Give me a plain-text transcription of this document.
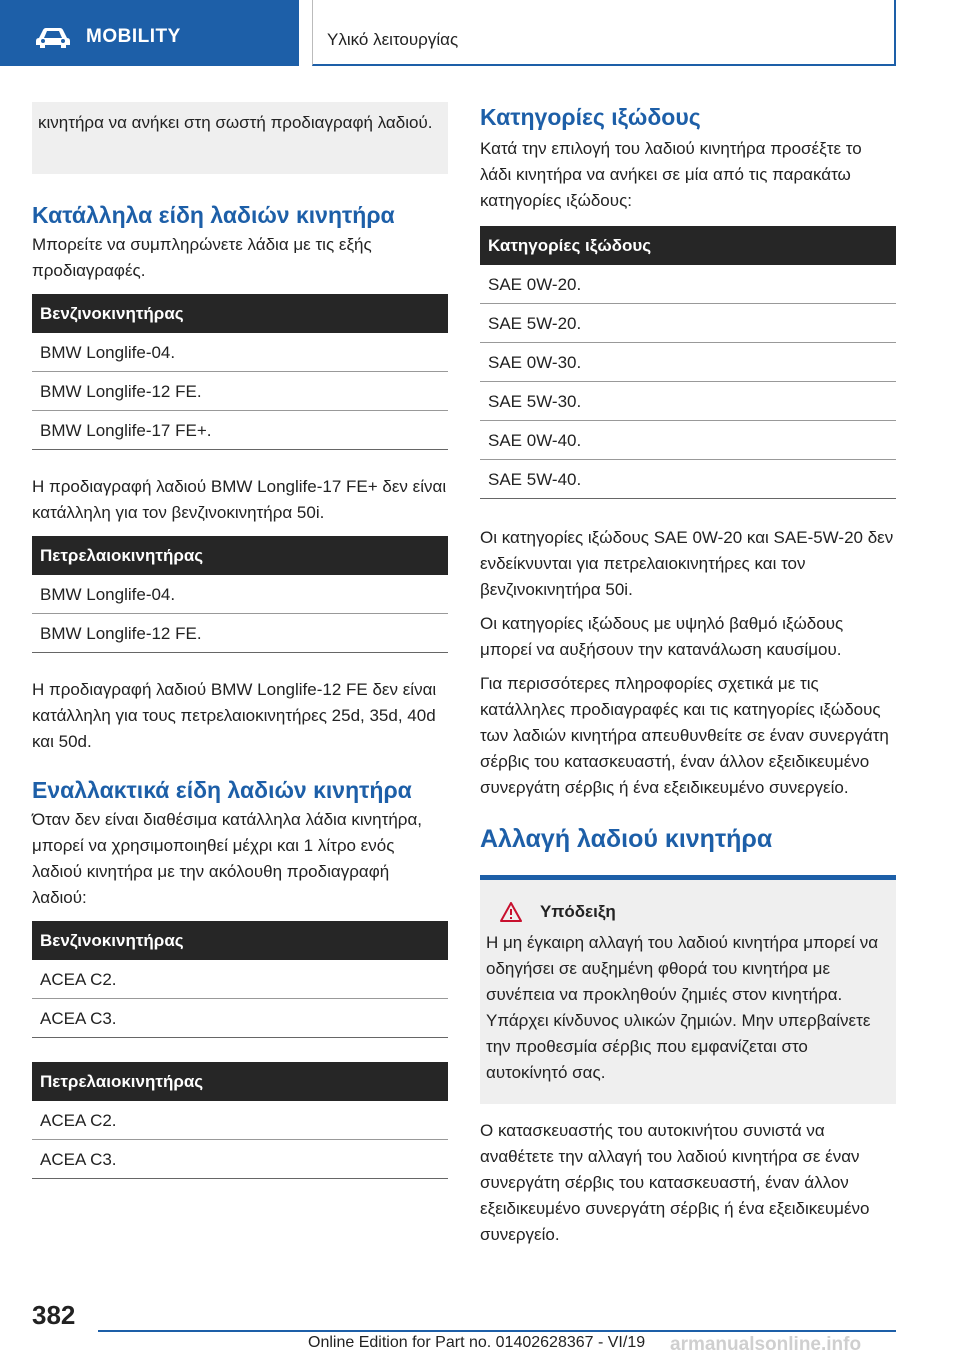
MOBILITY	Υλικό λειτουργίας

κινητήρα να ανήκει στη σωστή προδιαγραφή λαδιού.

Κατάλληλα είδη λαδιών κινητήρα

Μπορείτε να συμπληρώνετε λάδια με τις εξής προδιαγραφές.

Βενζινοκινητήρας
BMW Longlife-04.
BMW Longlife-12 FE.
BMW Longlife-17 FE+.

Η προδιαγραφή λαδιού BMW Longlife-17 FE+ δεν είναι κατάλληλη για τον βενζινοκινητήρα 50i.

Πετρελαιοκινητήρας
BMW Longlife-04.
BMW Longlife-12 FE.

Η προδιαγραφή λαδιού BMW Longlife-12 FE δεν είναι κατάλληλη για τους πετρελαιοκινητήρες 25d, 35d, 40d και 50d.

Εναλλακτικά είδη λαδιών κινητήρα

Όταν δεν είναι διαθέσιμα κατάλληλα λάδια κινητήρα, μπορεί να χρησιμοποιηθεί μέχρι και 1 λίτρο ενός λαδιού κινητήρα με την ακόλουθη προδιαγραφή λαδιού:

Βενζινοκινητήρας
ACEA C2.
ACEA C3.
Πετρελαιοκινητήρας
ACEA C2.
ACEA C3.
Κατηγορίες ιξώδους

Κατά την επιλογή του λαδιού κινητήρα προσέξτε το λάδι κινητήρα να ανήκει σε μία από τις παρακάτω κατηγορίες ιξώδους:

Κατηγορίες ιξώδους
SAE 0W-20.
SAE 5W-20.
SAE 0W-30.
SAE 5W-30.
SAE 0W-40.
SAE 5W-40.

Οι κατηγορίες ιξώδους SAE 0W-20 και SAE-5W-20 δεν ενδείκνυνται για πετρελαιοκινητήρες και τον βενζινοκινητήρα 50i.

Οι κατηγορίες ιξώδους με υψηλό βαθμό ιξώδους μπορεί να αυξήσουν την κατανάλωση καυσίμου.

Για περισσότερες πληροφορίες σχετικά με τις κατάλληλες προδιαγραφές και τις κατηγορίες ιξώδους των λαδιών κινητήρα απευθυνθείτε σε έναν συνεργάτη σέρβις του κατασκευαστή, έναν άλλον εξειδικευμένο συνεργάτη σέρβις ή ένα εξειδικευμένο συνεργείο.

Αλλαγή λαδιού κινητήρα
Υπόδειξη

Η μη έγκαιρη αλλαγή του λαδιού κινητήρα μπορεί να οδηγήσει σε αυξημένη φθορά του κινητήρα με συνέπεια να προκληθούν ζημιές στον κινητήρα. Υπάρχει κίνδυνος υλικών ζημιών. Μην υπερβαίνετε την προθεσμία σέρβις που εμφανίζεται στο αυτοκίνητό σας.

Ο κατασκευαστής του αυτοκινήτου συνιστά να αναθέτετε την αλλαγή του λαδιού κινητήρα σε έναν συνεργάτη σέρβις του κατασκευαστή, έναν άλλον εξειδικευμένο συνεργάτη σέρβις ή ένα εξειδικευμένο συνεργείο.

382
Online Edition for Part no. 01402628367 - VI/19 armanualsonline.info
